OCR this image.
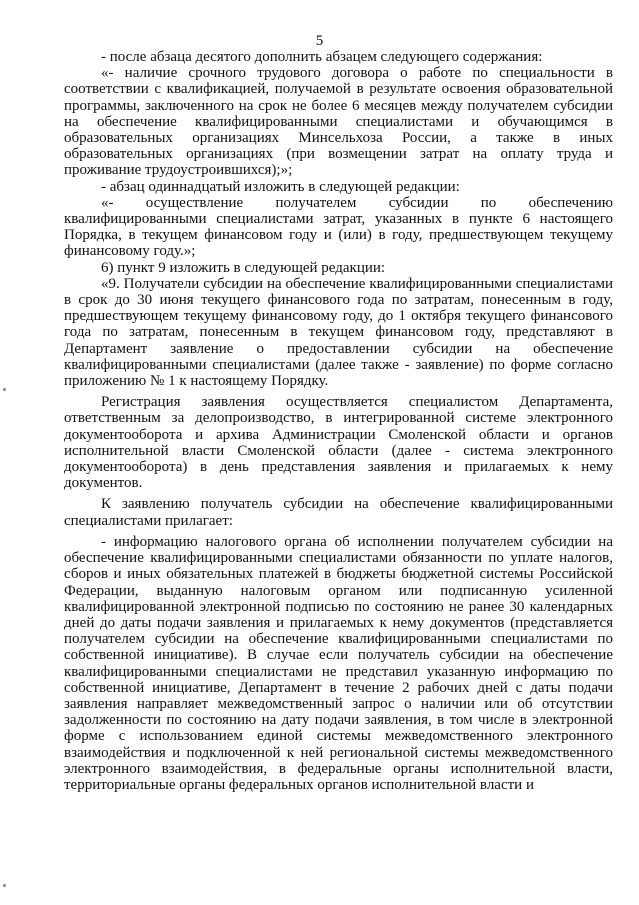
5

- после абзаца десятого дополнить абзацем следующего содержания:

«- наличие срочного трудового договора о работе по специальности в соответствии с квалификацией, получаемой в результате освоения образовательной программы, заключенного на срок не более 6 месяцев между получателем субсидии на обеспечение квалифицированными специалистами и обучающимся в образовательных организациях Минсельхоза России, а также в иных образовательных организациях (при возмещении затрат на оплату труда и проживание трудоустроившихся);»;

- абзац одиннадцатый изложить в следующей редакции:

«- осуществление получателем субсидии по обеспечению квалифицированными специалистами затрат, указанных в пункте 6 настоящего Порядка, в текущем финансовом году и (или) в году, предшествующем текущему финансовому году.»;

6) пункт 9 изложить в следующей редакции:

«9. Получатели субсидии на обеспечение квалифицированными специалистами в срок до 30 июня текущего финансового года по затратам, понесенным в году, предшествующем текущему финансовому году, до 1 октября текущего финансового года по затратам, понесенным в текущем финансовом году, представляют в Департамент заявление о предоставлении субсидии на обеспечение квалифицированными специалистами (далее также - заявление) по форме согласно приложению № 1 к настоящему Порядку.

Регистрация заявления осуществляется специалистом Департамента, ответственным за делопроизводство, в интегрированной системе электронного документооборота и архива Администрации Смоленской области и органов исполнительной власти Смоленской области (далее - система электронного документооборота) в день представления заявления и прилагаемых к нему документов.

К заявлению получатель субсидии на обеспечение квалифицированными специалистами прилагает:

- информацию налогового органа об исполнении получателем субсидии на обеспечение квалифицированными специалистами обязанности по уплате налогов, сборов и иных обязательных платежей в бюджеты бюджетной системы Российской Федерации, выданную налоговым органом или подписанную усиленной квалифицированной электронной подписью по состоянию не ранее 30 календарных дней до даты подачи заявления и прилагаемых к нему документов (представляется получателем субсидии на обеспечение квалифицированными специалистами по собственной инициативе). В случае если получатель субсидии на обеспечение квалифицированными специалистами не представил указанную информацию по собственной инициативе, Департамент в течение 2 рабочих дней с даты подачи заявления направляет межведомственный запрос о наличии или об отсутствии задолженности по состоянию на дату подачи заявления, в том числе в электронной форме с использованием единой системы межведомственного электронного взаимодействия и подключенной к ней региональной системы межведомственного электронного взаимодействия, в федеральные органы исполнительной власти, территориальные органы федеральных органов исполнительной власти и
